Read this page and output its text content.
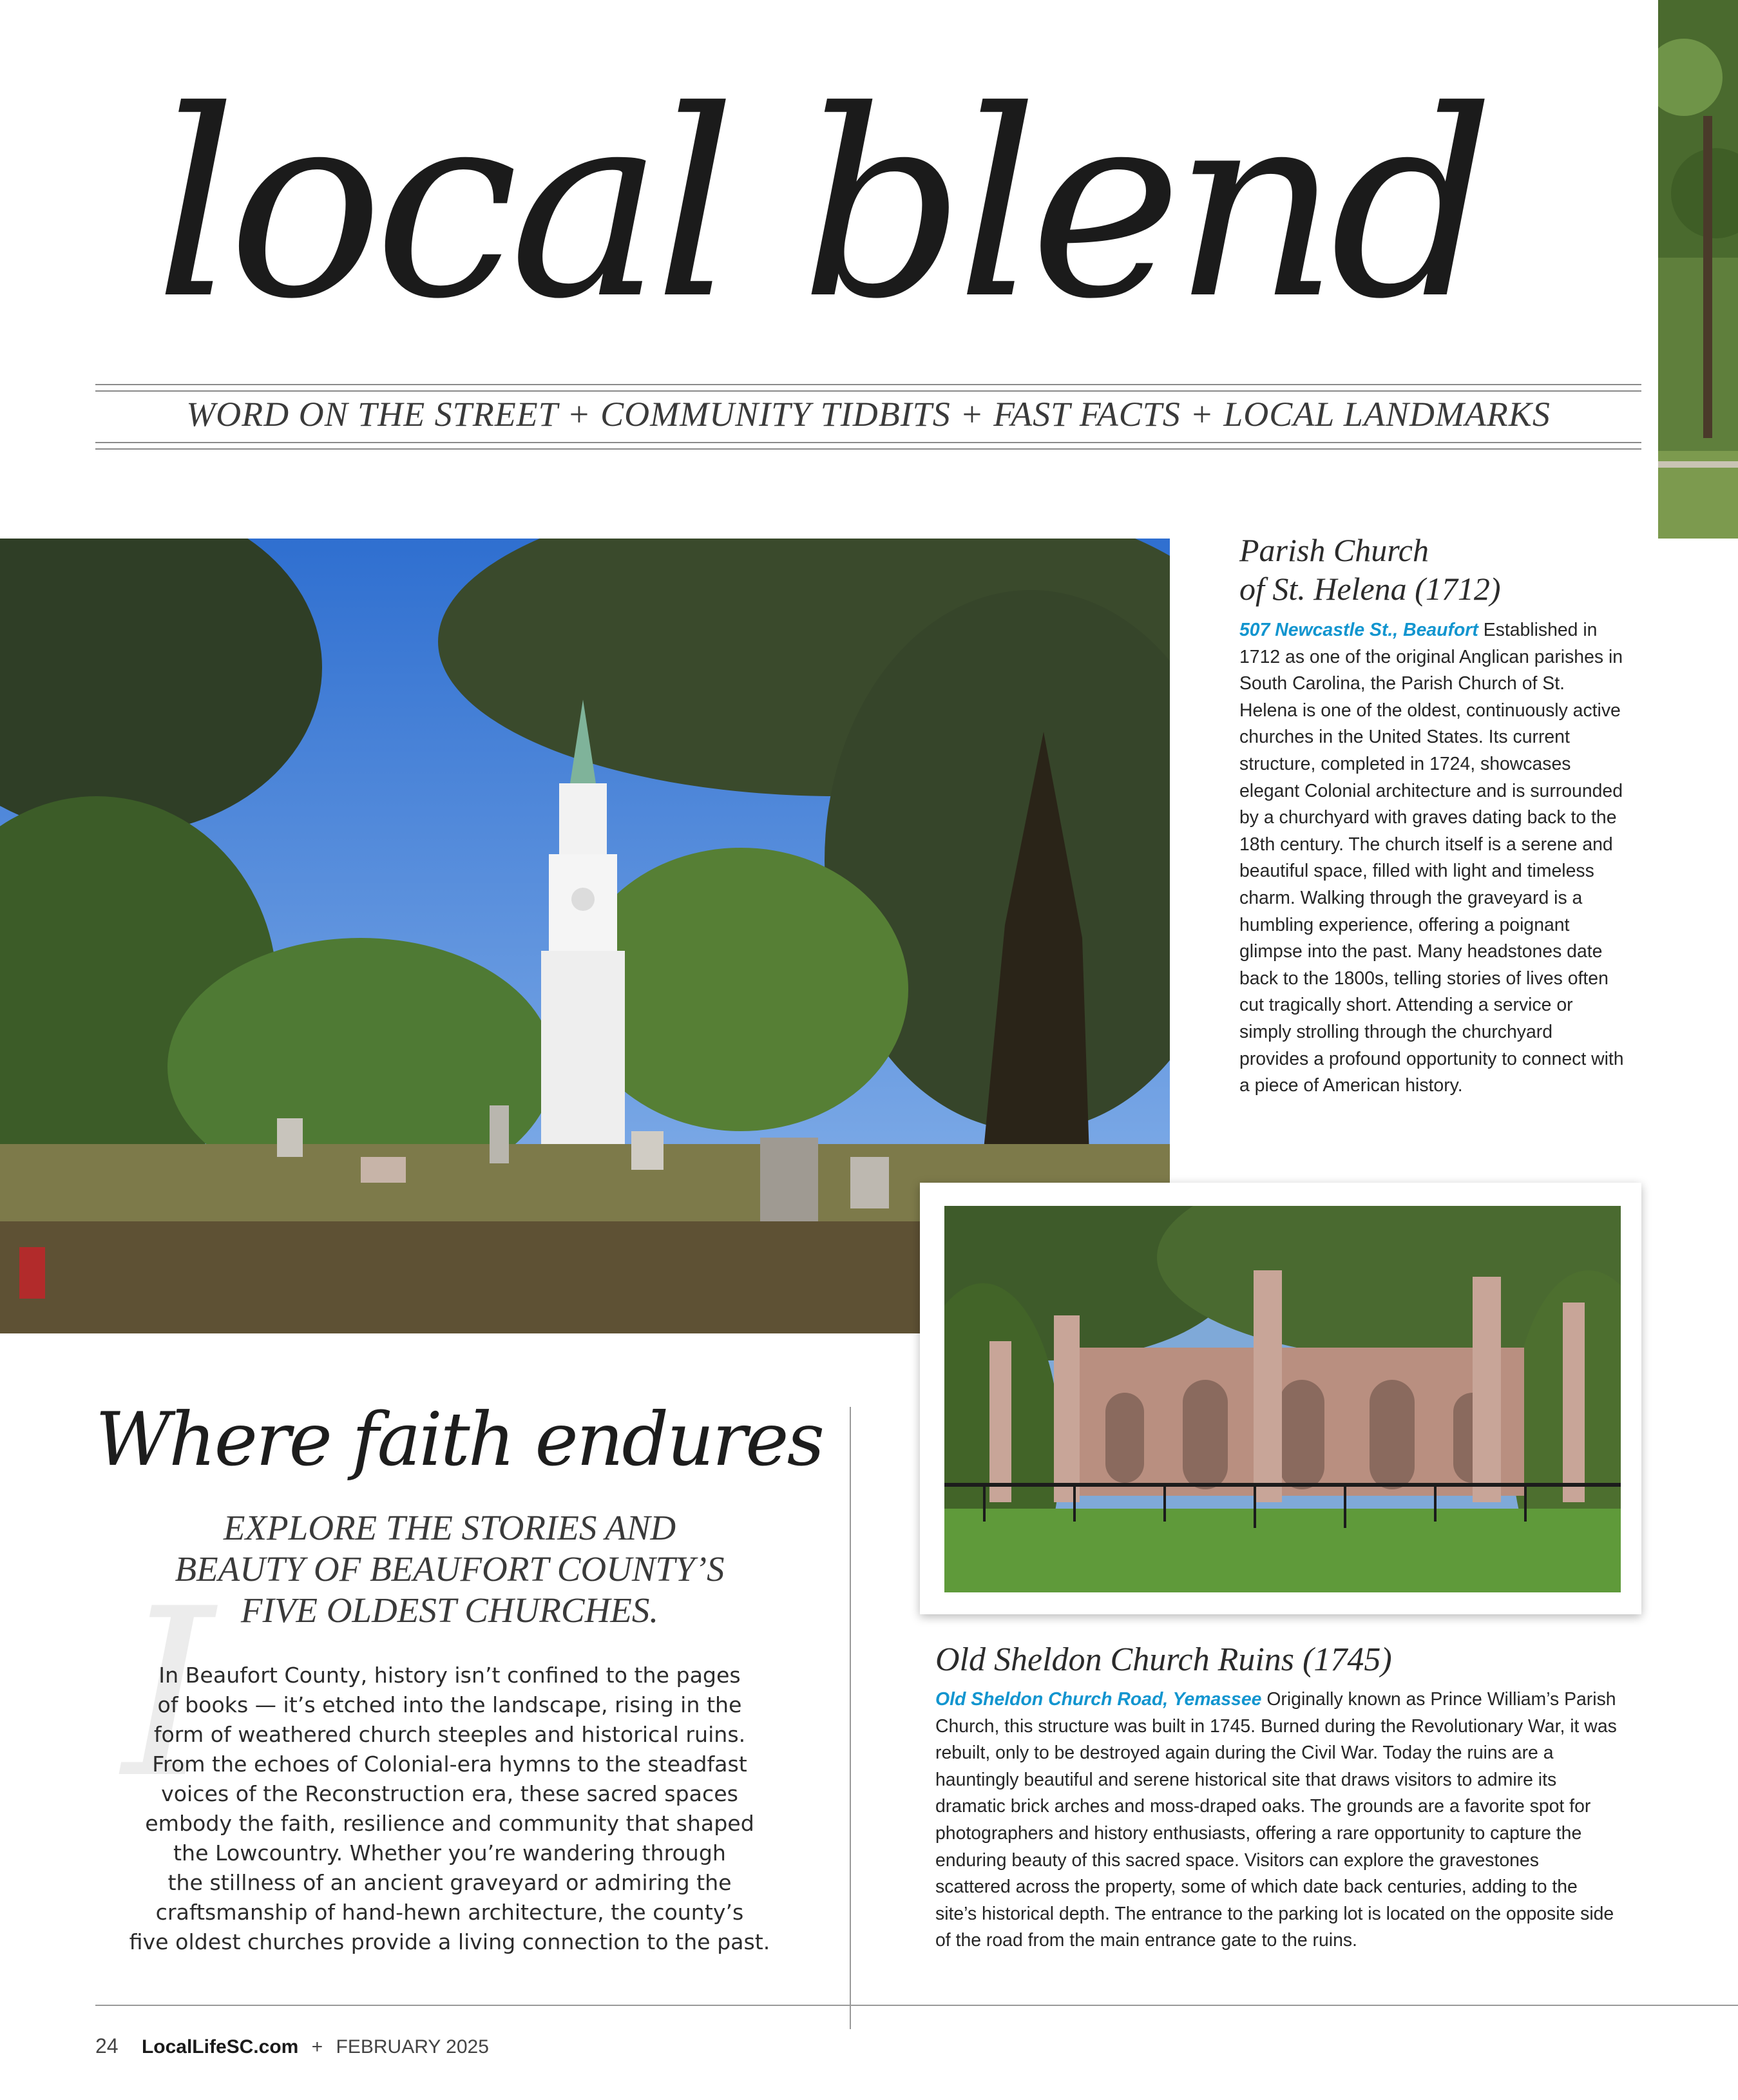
local blend
WORD ON THE STREET + COMMUNITY TIDBITS + FAST FACTS + LOCAL LANDMARKS
Parish Church
of St. Helena (1712)
507 Newcastle St., Beaufort Established in 1712 as one of the original Anglican parishes in South Carolina, the Parish Church of St. Helena is one of the oldest, continuously active churches in the United States. Its current structure, completed in 1724, showcases elegant Colonial architecture and is surrounded by a churchyard with graves dating back to the 18th century. The church itself is a serene and beautiful space, filled with light and timeless charm. Walking through the graveyard is a humbling experience, offering a poignant glimpse into the past. Many headstones date back to the 1800s, telling stories of lives often cut tragically short. Attending a service or simply strolling through the churchyard provides a profound opportunity to connect with a piece of American history.
Old Sheldon Church Ruins (1745)
Old Sheldon Church Road, Yemassee Originally known as Prince William’s Parish Church, this structure was built in 1745. Burned during the Revolutionary War, it was rebuilt, only to be destroyed again during the Civil War. Today the ruins are a hauntingly beautiful and serene historical site that draws visitors to admire its dramatic brick arches and moss-draped oaks. The grounds are a favorite spot for photographers and history enthusiasts, offering a rare opportunity to capture the enduring beauty of this sacred space. Visitors can explore the gravestones scattered across the property, some of which date back centuries, adding to the site’s historical depth. The entrance to the parking lot is located on the opposite side of the road from the main entrance gate to the ruins.
Where faith endures
EXPLORE THE STORIES AND
BEAUTY OF BEAUFORT COUNTY’S
FIVE OLDEST CHURCHES.
I
In Beaufort County, history isn’t confined to the pages
of books — it’s etched into the landscape, rising in the
form of weathered church steeples and historical ruins.
From the echoes of Colonial-era hymns to the steadfast
voices of the Reconstruction era, these sacred spaces
embody the faith, resilience and community that shaped
the Lowcountry. Whether you’re wandering through
the stillness of an ancient graveyard or admiring the
craftsmanship of hand-hewn architecture, the county’s
five oldest churches provide a living connection to the past.
24 LocalLifeSC.com + FEBRUARY 2025
